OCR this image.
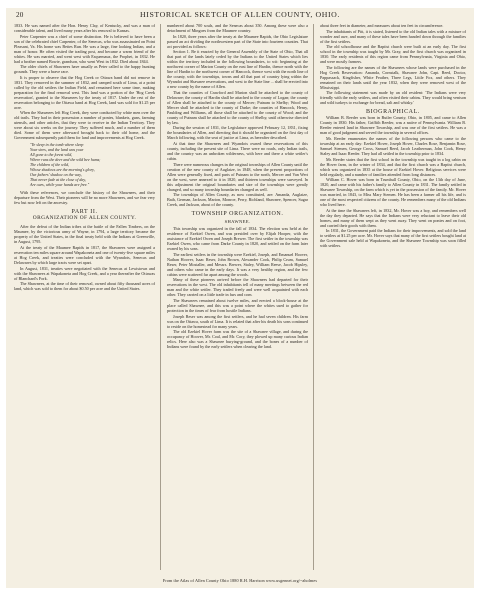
20	HISTORICAL SKETCH OF ALLEN COUNTY, OHIO.

1833. He was named after the Hon. Henry Clay, of Kentucky, and was a man of considerable talent, and lived many years after his removal to Kansas.

Peter Carpenter was a chief of some distinction. He is believed to have been a son of the celebrated chief Carpenter, of the Senecas, who was assassinated on Point Pleasant, Va. His home was Bettes Run. He was a large, fine looking Indian, and a man of honor. He often visited the trading post, and became a warm friend of the whites. He was married, and went west with Esquemaux, the Prophet, in 1832. He had a brother named Bowie, grandson, who went West in 1832. Died about 1844.

The older chiefs of Shawnees have usually as Peter called to the happy hunting grounds. They were a brave race.

It is proper to observe that the Hog Creek or Ottawa band did not remove in 1831. They removed in the summer of 1832, and camped south of Lima, at a point called by the old settlers the Indian Field, and remained here some time, making preparation for the final removal west. This land was a portion of the 'Hog Creek reservation', granted to the Shawnees by the treaty of 1817. Under the rest of the reservation belonging to the Ottawa band at Hog Creek, land was sold for $1.25 per acre.

When the Shawnees left Hog Creek, they were conducted by white men over the old trails. They had in their possession a number of ponies, blankets, guns, farming utensils, and other articles, that they were to receive in the Indian Territory. They were about six weeks on the journey. They suffered much, and a number of them died. Some of them were afterward brought back to their old home, and the Government subsequently paid them for land and improvements at Hog Creek.

"Ye sleep in the tomb where sleep
Your sires, and the land was your
All gone to the forest wild,
Where runs the deer and the wild bee hums;
The children of the wild,
Whose shadows are the morning's glory,
Our fathers' shadow on the way,
That never fade at the close of day,
Are ours, while your hands are free."

With these references, we conclude the history of the Shawnees, and their departure from the West. Their pioneers will be no more Shawnees, and we fear very few but now left on the ancestry.

PART II.
ORGANIZATION OF ALLEN COUNTY.

After the defeat of the Indian tribes at the battle of the Fallen Timbers, on the Maumee, by the victorious army of Wayne, in 1794, a large territory became the property of the United States, in the final treaty held with the Indians at Greenville, in August, 1795.

At the treaty of the Maumee Rapids in 1817, the Shawnees were assigned a reservation ten miles square around Wapakoneta and one of twenty-five square miles at Hog Creek, and treaties were concluded with the Wyandots, Senecas and Delawares by which large tracts were set apart.

In August, 1831, treaties were negotiated with the Senecas at Lewistown and with the Shawnees at Wapakoneta and Hog Creek, and a year thereafter the Ottawas of Blanchard's Fork.

The Shawnees, at the time of their removal, owned about fifty thousand acres of land, which was sold to them for about $0.50 per acre and the United States.

numbered about 700 souls, and the Senecas about 350. Among these were also a detachment of Mingoes from the Maumee country.

In 1820, three years after the treaty at the Maumee Rapids, the Ohio Legislature passed an act dividing the northwestern part of the State into fourteen counties. That act provided as follows:

Section 1. Be it enacted by the General Assembly of the State of Ohio, That all that part of the lands lately ceded by the Indians to the United States which lies within the territory included in the following boundaries, to wit: beginning at the northwest corner of Marion County on the east line of Hardin, thence north with the line of Hardin to the northwest corner of Hancock, thence west with the north line of the county, with the townships, towns and all that part of country lying within the Wyandot and Shawnee reservations, and west to the State line ... shall be erected into a new county by the name of Allen.

That the counties of Crawford and Marion shall be attached to the county of Delaware; the county of Hardin shall be attached to the county of Logan; the county of Allen shall be attached to the county of Mercer; Putnam to Shelby; Wood and Mercer shall be attached to the county of Darke; the counties of Hancock, Henry, Paulding and Williams, all those shall be attached to the county of Wood; and the county of Putnam shall be attached to the county of Shelby, until otherwise directed by law.

During the session of 1831, the Legislature approved February 12, 1831, fixing the boundaries of Allen, and directing that it should be organized on the first day of March following, with the seat of justice at Lima, as hereafter described.

At that time the Shawnees and Wyandots owned these reservations of this county, including the present site of Lima. There were no roads, only Indian trails, and the country was an unbroken wilderness, with here and there a white settler's cabin.

There were numerous changes in the original townships of Allen County until the creation of the new county of Auglaize, in 1848, when the present proportions of Allen were generally fixed, and parts of Putnam to the north, Mercer and Van Wert on the west, were annexed to it in 1820, and thirteen townships were surveyed. In this adjustment the original boundaries and size of the townships were greatly changed, and so many township boundaries changed as well.

The townships of Allen County, as now constituted, are: Amanda, Auglaize, Bath, German, Jackson, Marion, Monroe, Perry, Richland, Shawnee, Spencer, Sugar Creek, and Jackson, about of the county.

TOWNSHIP ORGANIZATION.
SHAWNEE.

This township was organized in the fall of 1834. The election was held at the residence of Ezekiel Owen, and was presided over by Elijah Hooper, with the assistance of Ezekiel Owen and Joseph Brewer. The first settler in the township was Ezekiel Owen, who came from Darke County in 1820, and settled on the farm later owned by his sons.

The earliest settlers in the township were Ezekiel, Joseph, and Emanuel Hoover, Nathan Hoover, Isaac Reser, John Brown, Alexander Cook, Philip Crum, Samuel Reser, Peter Mostaller, and Messrs. Brewer, Staley, William Reese, Jacob Hipsley, and others who came in the early days. It was a very healthy region, and the few cabins were scattered far apart among the woods.

Many of these pioneers arrived before the Shawnees had departed for their reservations in the west. The old inhabitants tell of many meetings between the red man and the white settler. They traded freely and were well acquainted with each other. They carried on a little trade in furs and corn.

The Shawnees remained about twelve miles, and erected a block-house at the place called Shawnee, and this was a point where the whites used to gather for protection in the times of fear from hostile Indians.

Joseph Reser was among the first settlers, and he had seven children. His farm was on the Ottawa, south of Lima. It is related that after his death his sons continued to reside on the homestead for many years.

The old Ezekiel Hover farm was the site of a Shawnee village, and during the occupancy of Hoover, Mr. Coal, and Mr. Cory, they plowed up many curious Indian relics. Here also was a Shawnee burying-ground, and the bones of a number of Indians were found by the early settlers when clearing the land.

about three feet in diameter, and measures about ten feet in circumference.

The inhabitants of Pitt, it is stated, listened to the old Indian tales with a mixture of wonder and awe, and many of these tales have been handed down through the families of the first settlers.

The old schoolhouse and the Baptist church were built at an early day. The first school in the township was taught by Mr. Gray, and the first church was organized in 1830. The early residents of this region came from Pennsylvania, Virginia and Ohio, and were mostly farmers.

The following are the names of the Shawnees whose lands were purchased in the Hog Creek Reservation: Amanda, Cornstalk, Shawnee John, Capt. Reed, Doctor, Pappassack, Kingfisher, White Feather, Three Legs, Little Fox, and others. They remained on their lands until the year 1832, when they were removed west of the Mississippi.

The following statement was made by an old resident: 'The Indians were very friendly with the early settlers, and often visited their cabins. They would bring venison and wild turkeys to exchange for bread, salt and whisky.'

BIOGRAPHICAL.

William B. Reeder was born in Butler County, Ohio, in 1805, and came to Allen County in 1830. His father, Griffith Reeder, was a native of Pennsylvania. William B. Reeder entered land in Shawnee Township, and was one of the first settlers. He was a man of good judgment and served the township in several offices.

Mr. Reeder enumerates the names of the following persons who came to the township at an early day: Ezekiel Hover, Joseph Hover, Charles Rose, Benjamin Rose, Samuel Stemen, George Cross, Samuel Reed, Jacob Leatherman, John Cook, Henry Staley and Isaac Reeder. They had all settled in the township prior to 1834.

Mr. Reeder states that the first school in the township was taught in a log cabin on the Hover farm, in the winter of 1834, and that the first church was a Baptist church, which was organized in 1835 at the house of Ezekiel Hover. Religious services were held regularly, and a number of families attended from long distances.

William C. Hover was born in Trumbull County, Ohio, on the 13th day of June, 1820, and came with his father's family to Allen County in 1831. The family settled in Shawnee Township, on the farm which is yet in the possession of the family. Mr. Hover was married, in 1843, to Miss Mary Stemen. He has been a farmer all his life, and is one of the most respected citizens of the county. He remembers many of the old Indians who lived here.

At the time the Shawnees left, in 1832, Mr. Hover was a boy, and remembers well the day they departed. He says that the Indians were very reluctant to leave their old homes, and many of them wept as they went away. They went on ponies and on foot, and carried their goods with them.

In 1831, the Government paid the Indians for their improvements, and sold the land to settlers at $1.25 per acre. Mr. Hover says that many of the first settlers bought land at the Government sale held at Wapakoneta, and the Shawnee Township was soon filled with settlers.

From the Atlas of Allen County Ohio 1880 R.H. Harrison www.usgennet.org/~aholmes
